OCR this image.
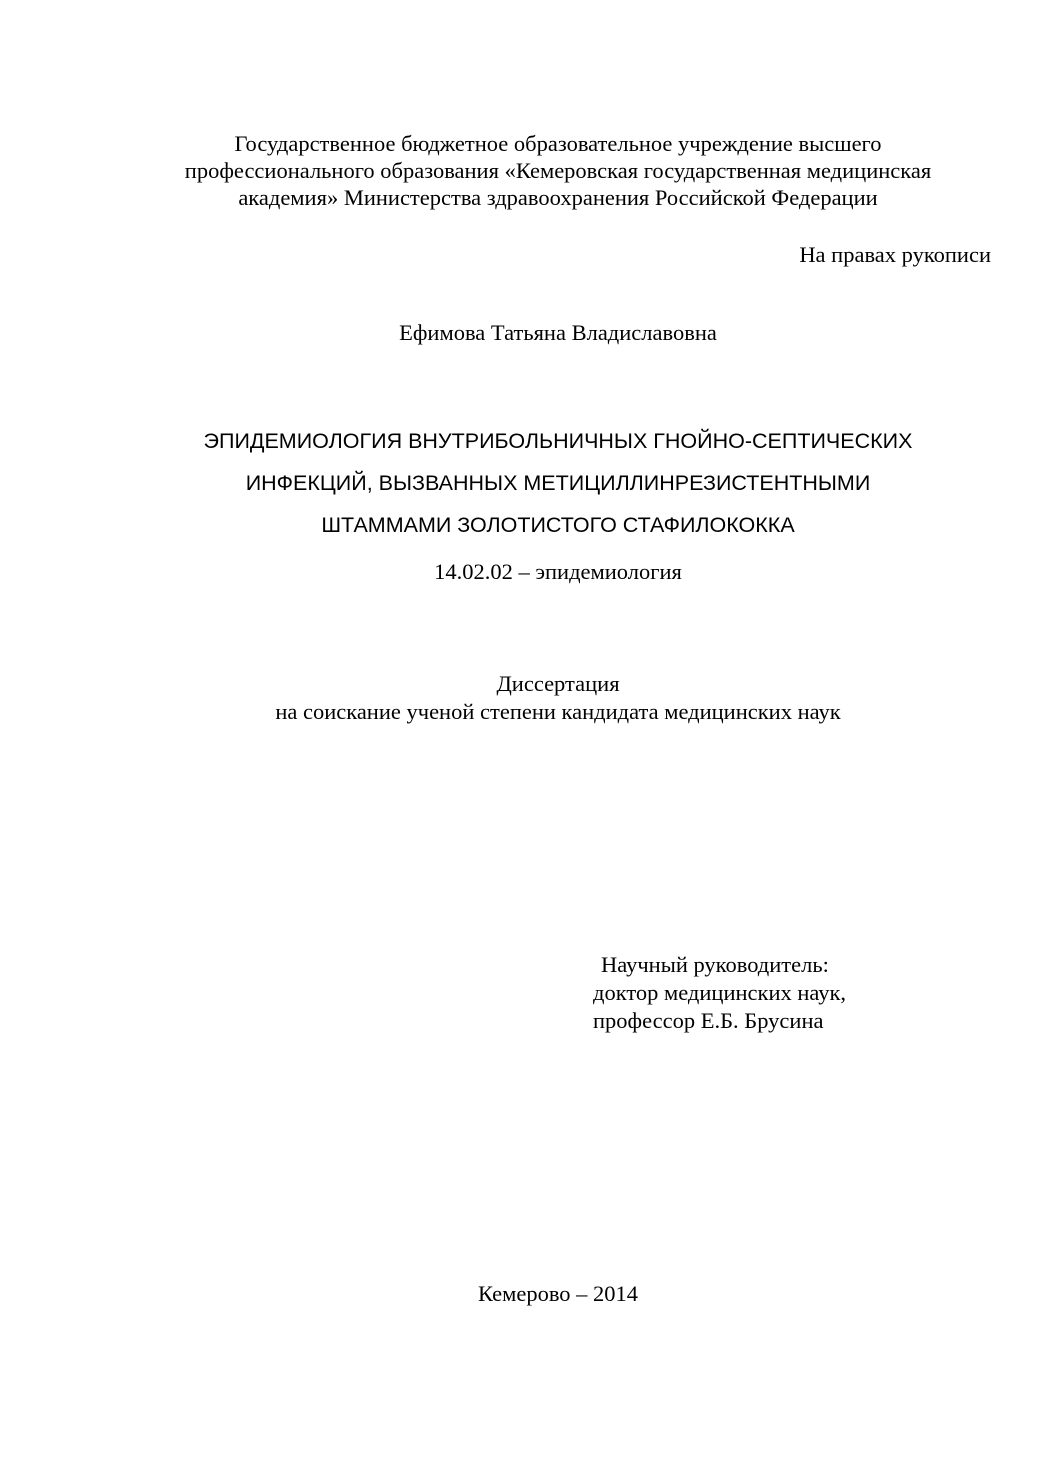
Государственное бюджетное образовательное учреждение высшего
профессионального образования «Кемеровская государственная медицинская
академия» Министерства здравоохранения Российской Федерации
На правах рукописи
Ефимова Татьяна Владиславовна
ЭПИДЕМИОЛОГИЯ ВНУТРИБОЛЬНИЧНЫХ ГНОЙНО-СЕПТИЧЕСКИХ
ИНФЕКЦИЙ, ВЫЗВАННЫХ МЕТИЦИЛЛИНРЕЗИСТЕНТНЫМИ
ШТАММАМИ ЗОЛОТИСТОГО СТАФИЛОКОККА
14.02.02 – эпидемиология
Диссертация
на соискание ученой степени кандидата медицинских наук
Научный руководитель:
доктор медицинских наук,
профессор Е.Б. Брусина
Кемерово – 2014
